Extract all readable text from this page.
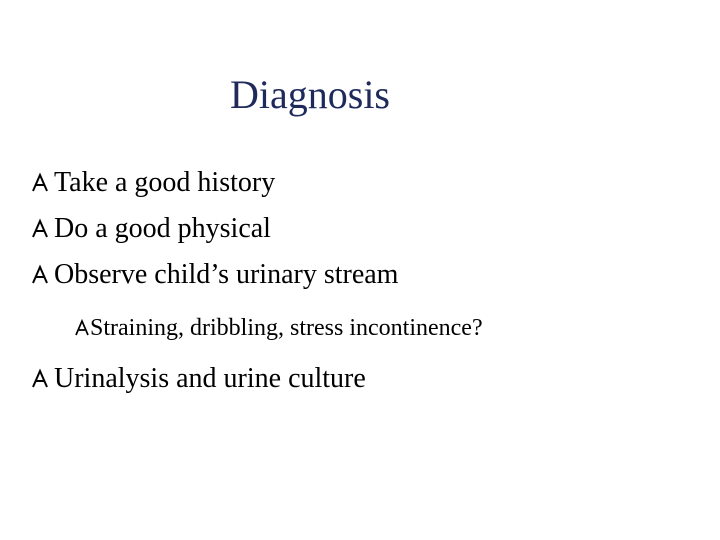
Diagnosis
Take a good history
Do a good physical
Observe child’s urinary stream
Straining, dribbling, stress incontinence?
Urinalysis and urine culture
